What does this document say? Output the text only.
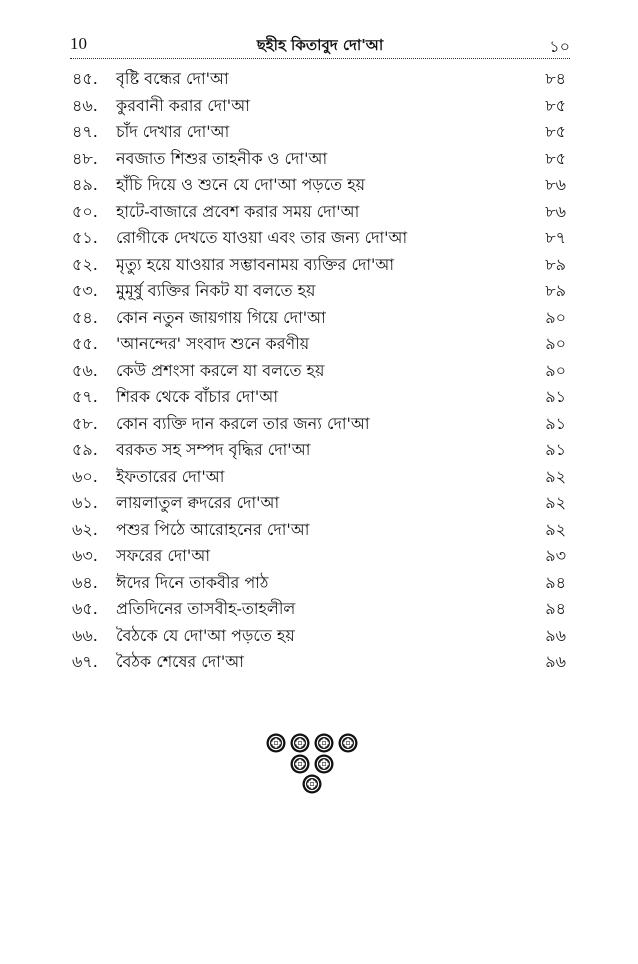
10	ছহীহ কিতাবুদ দো'আ	১০
৪৫. বৃষ্টি বন্ধের দো'আ	৮৪
৪৬. কুরবানী করার দো'আ	৮৫
৪৭. চাঁদ দেখার দো'আ	৮৫
৪৮. নবজাত শিশুর তাহনীক ও দো'আ	৮৫
৪৯. হাঁচি দিয়ে ও শুনে যে দো'আ পড়তে হয়	৮৬
৫০. হাটে-বাজারে প্রবেশ করার সময় দো'আ	৮৬
৫১. রোগীকে দেখতে যাওয়া এবং তার জন্য দো'আ	৮৭
৫২. মৃত্যু হয়ে যাওয়ার সম্ভাবনাময় ব্যক্তির দো'আ	৮৯
৫৩. মুমূর্ষু ব্যক্তির নিকট যা বলতে হয়	৮৯
৫৪. কোন নতুন জায়গায় গিয়ে দো'আ	৯০
৫৫. 'আনন্দের' সংবাদ শুনে করণীয়	৯০
৫৬. কেউ প্রশংসা করলে যা বলতে হয়	৯০
৫৭. শিরক থেকে বাঁচার দো'আ	৯১
৫৮. কোন ব্যক্তি দান করলে তার জন্য দো'আ	৯১
৫৯. বরকত সহ সম্পদ বৃদ্ধির দো'আ	৯১
৬০. ইফতারের দো'আ	৯২
৬১. লায়লাতুল ক্বদরের দো'আ	৯২
৬২. পশুর পিঠে আরোহনের দো'আ	৯২
৬৩. সফরের দো'আ	৯৩
৬৪. ঈদের দিনে তাকবীর পাঠ	৯৪
৬৫. প্রতিদিনের তাসবীহ-তাহলীল	৯৪
৬৬. বৈঠকে যে দো'আ পড়তে হয়	৯৬
৬৭. বৈঠক শেষের দো'আ	৯৬
